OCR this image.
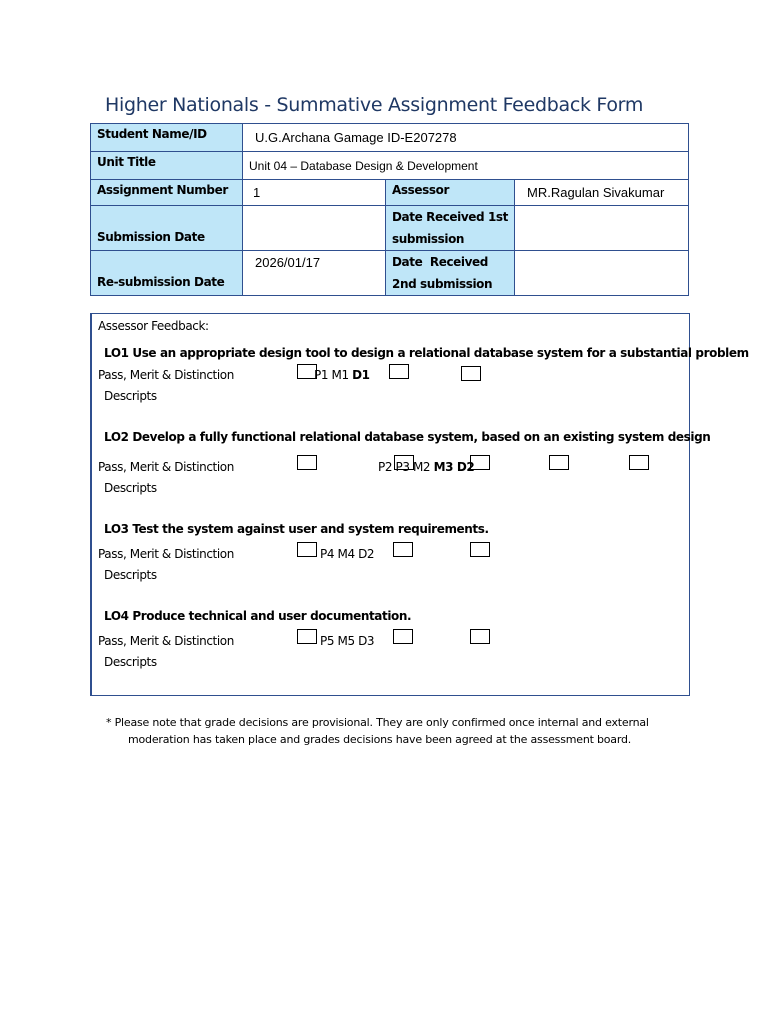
Higher Nationals - Summative Assignment Feedback Form
Student Name/ID	U.G.Archana Gamage ID-E207278		
Unit Title	Unit 04 – Database Design & Development		
Assignment Number	1	Assessor	MR.Ragulan Sivakumar
Submission Date		Date Received 1st submission	
Re-submission Date	2026/01/17	Date  Received  2nd submission	
Assessor Feedback:
LO1 Use an appropriate design tool to design a relational database system for a substantial problem
Pass, Merit & Distinction	P1 M1 D1
Descripts
LO2 Develop a fully functional relational database system, based on an existing system design
Pass, Merit & Distinction	P2 P3 M2 M3 D2
Descripts
LO3 Test the system against user and system requirements.
Pass, Merit & Distinction	P4 M4 D2
Descripts
LO4 Produce technical and user documentation.
Pass, Merit & Distinction	P5 M5 D3
Descripts
* Please note that grade decisions are provisional. They are only confirmed once internal and external
moderation has taken place and grades decisions have been agreed at the assessment board.
